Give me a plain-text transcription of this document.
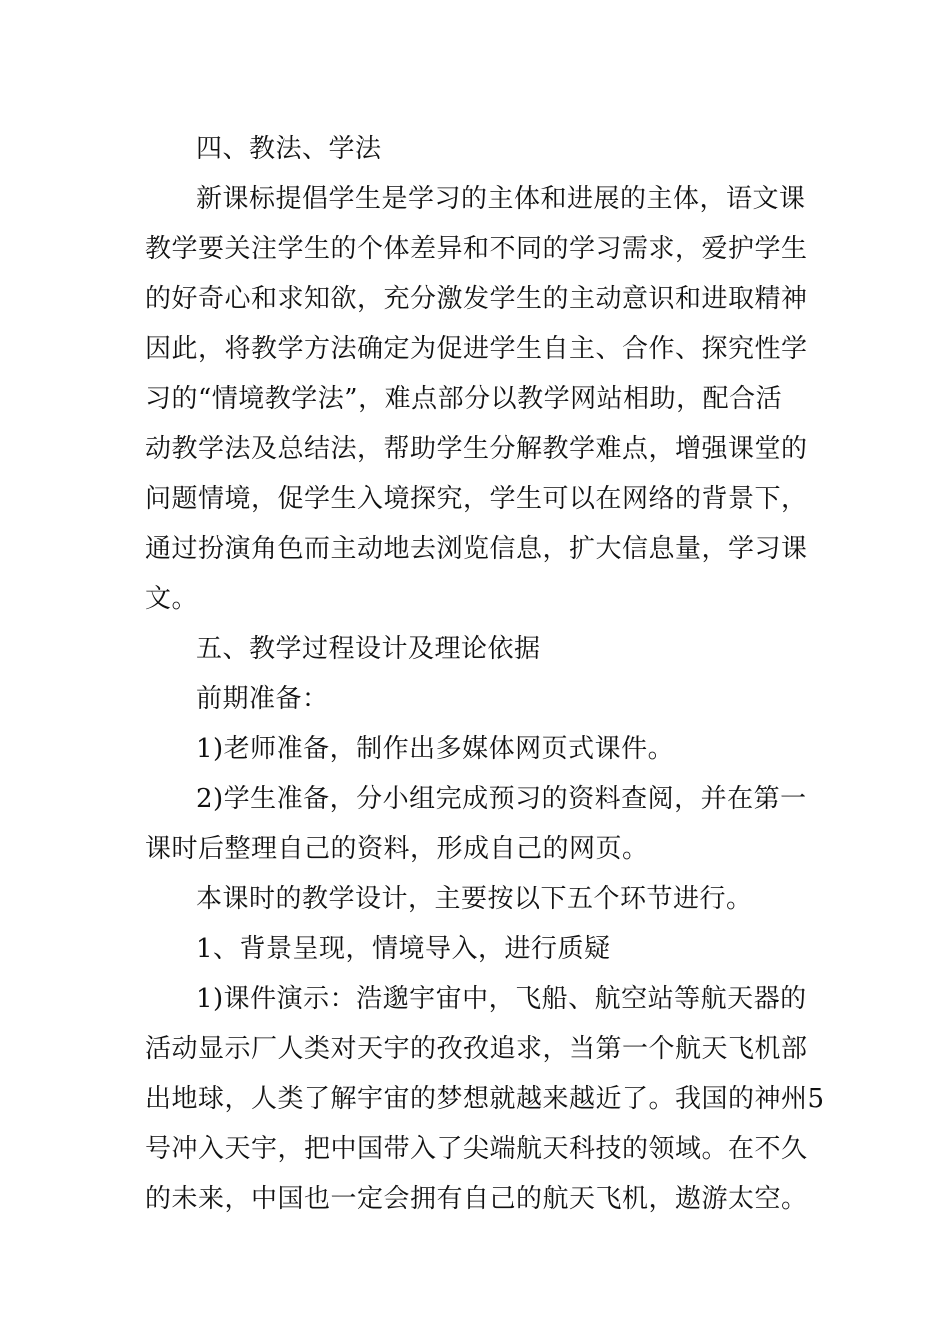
四、教法、学法
新课标提倡学生是学习的主体和进展的主体，语文课
教学要关注学生的个体差异和不同的学习需求，爱护学生
的好奇心和求知欲，充分激发学生的主动意识和进取精神
因此，将教学方法确定为促进学生自主、合作、探究性学
习的“情境教学法”，难点部分以教学网站相助，配合活
动教学法及总结法，帮助学生分解教学难点，增强课堂的
问题情境，促学生入境探究，学生可以在网络的背景下，
通过扮演角色而主动地去浏览信息，扩大信息量，学习课
文。
五、教学过程设计及理论依据
前期准备：
1)老师准备，制作出多媒体网页式课件。
2)学生准备，分小组完成预习的资料查阅，并在第一
课时后整理自己的资料，形成自己的网页。
本课时的教学设计，主要按以下五个环节进行。
1、背景呈现，情境导入，进行质疑
1)课件演示：浩邈宇宙中，飞船、航空站等航天器的
活动显示厂人类对天宇的孜孜追求，当第一个航天飞机部
出地球，人类了解宇宙的梦想就越来越近了。我国的神州5
号冲入天宇，把中国带入了尖端航天科技的领域。在不久
的未来，中国也一定会拥有自己的航天飞机，遨游太空。
